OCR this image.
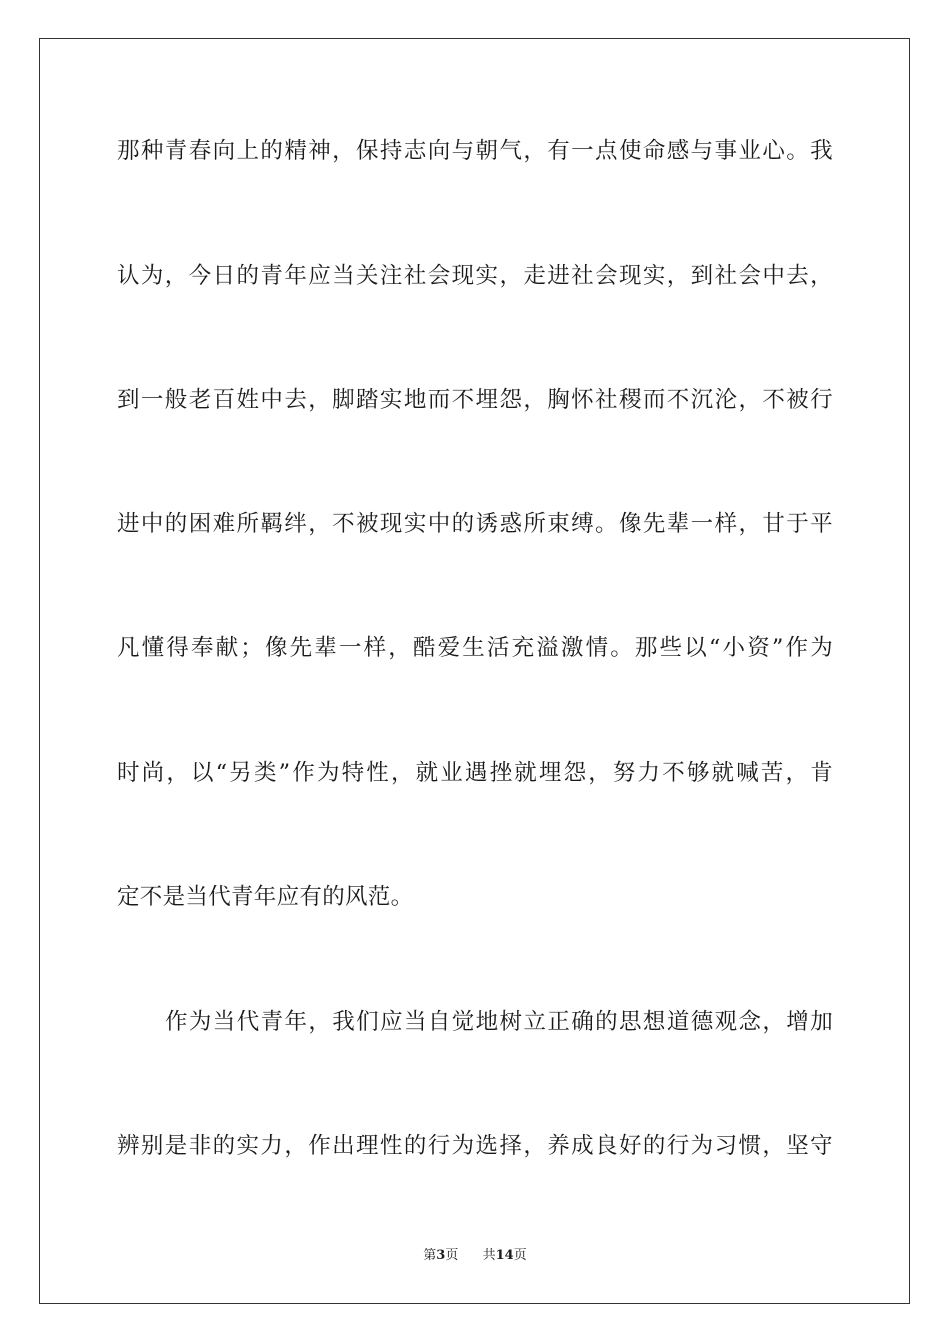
那种青春向上的精神，保持志向与朝气，有一点使命感与事业心。我
认为，今日的青年应当关注社会现实，走进社会现实，到社会中去，
到一般老百姓中去，脚踏实地而不埋怨，胸怀社稷而不沉沦，不被行
进中的困难所羁绊，不被现实中的诱惑所束缚。像先辈一样，甘于平
凡懂得奉献；像先辈一样，酷爱生活充溢激情。那些以“小资”作为
时尚，以“另类”作为特性，就业遇挫就埋怨，努力不够就喊苦，肯
定不是当代青年应有的风范。
作为当代青年，我们应当自觉地树立正确的思想道德观念，增加
辨别是非的实力，作出理性的行为选择，养成良好的行为习惯，坚守
第3页 共14页
